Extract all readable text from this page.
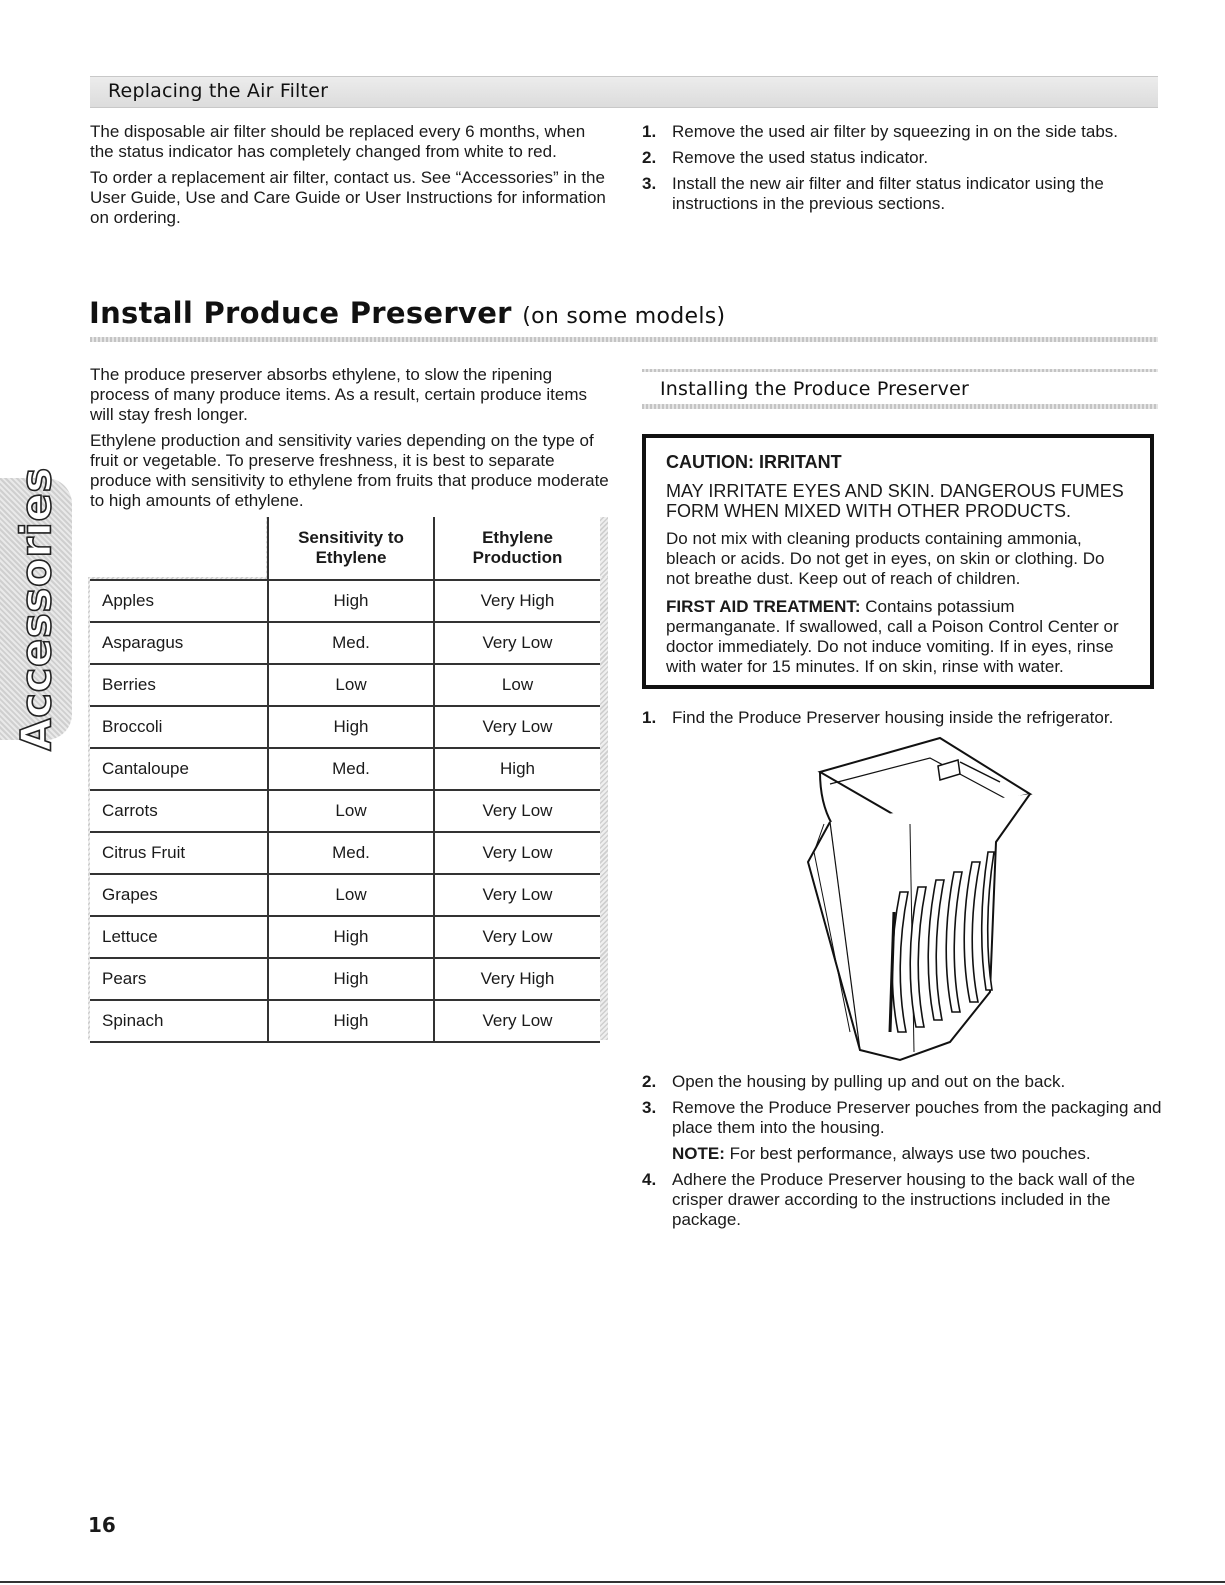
Replacing the Air Filter

The disposable air filter should be replaced every 6 months, when the status indicator has completely changed from white to red.

To order a replacement air filter, contact us. See “Accessories” in the User Guide, Use and Care Guide or User Instructions for information on ordering.

1. Remove the used air filter by squeezing in on the side tabs.
2. Remove the used status indicator.
3. Install the new air filter and filter status indicator using the instructions in the previous sections.
Install Produce Preserver (on some models)

The produce preserver absorbs ethylene, to slow the ripening process of many produce items. As a result, certain produce items will stay fresh longer.

Ethylene production and sensitivity varies depending on the type of fruit or vegetable. To preserve freshness, it is best to separate produce with sensitivity to ethylene from fruits that produce moderate to high amounts of ethylene.

Accessories

	Sensitivity to Ethylene	Ethylene Production

Apples	High	Very High
Asparagus	Med.	Very Low
Berries	Low	Low
Broccoli	High	Very Low
Cantaloupe	Med.	High
Carrots	Low	Very Low
Citrus Fruit	Med.	Very Low
Grapes	Low	Very Low
Lettuce	High	Very Low
Pears	High	Very High
Spinach	High	Very Low
Installing the Produce Preserver
CAUTION: IRRITANT
MAY IRRITATE EYES AND SKIN. DANGEROUS FUMES FORM WHEN MIXED WITH OTHER PRODUCTS.

Do not mix with cleaning products containing ammonia, bleach or acids. Do not get in eyes, on skin or clothing. Do not breathe dust. Keep out of reach of children.

FIRST AID TREATMENT: Contains potassium permanganate. If swallowed, call a Poison Control Center or doctor immediately. Do not induce vomiting. If in eyes, rinse with water for 15 minutes. If on skin, rinse with water.

1. Find the Produce Preserver housing inside the refrigerator.
2. Open the housing by pulling up and out on the back.
3. Remove the Produce Preserver pouches from the packaging and place them into the housing.
NOTE: For best performance, always use two pouches.
4. Adhere the Produce Preserver housing to the back wall of the crisper drawer according to the instructions included in the package.
16
